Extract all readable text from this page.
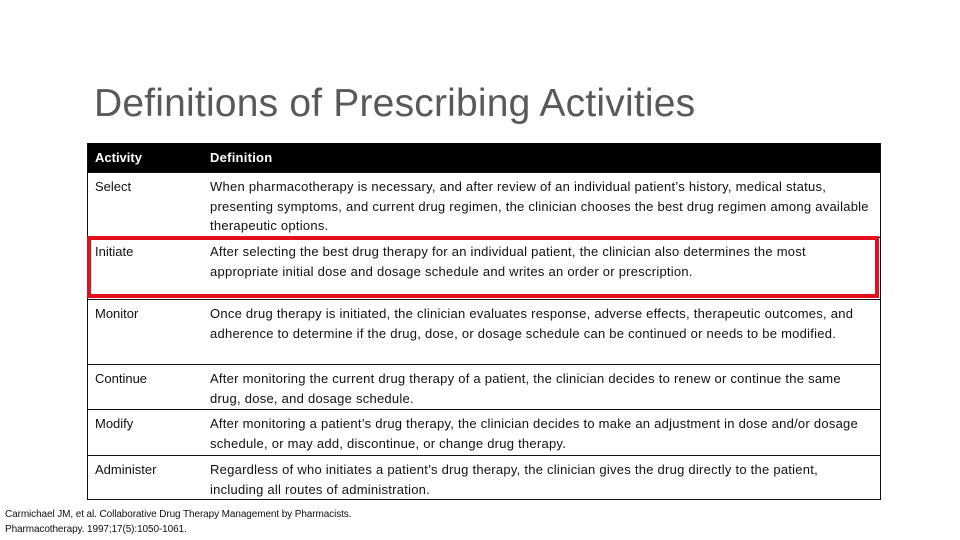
Definitions of Prescribing Activities
Activity	Definition
Select	When pharmacotherapy is necessary, and after review of an individual patient’s history, medical status, presenting symptoms, and current drug regimen, the clinician chooses the best drug regimen among available therapeutic options.
Initiate	After selecting the best drug therapy for an individual patient, the clinician also determines the most appropriate initial dose and dosage schedule and writes an order or prescription.
Monitor	Once drug therapy is initiated, the clinician evaluates response, adverse effects, therapeutic outcomes, and adherence to determine if the drug, dose, or dosage schedule can be continued or needs to be modified.
Continue	After monitoring the current drug therapy of a patient, the clinician decides to renew or continue the same drug, dose, and dosage schedule.
Modify	After monitoring a patient’s drug therapy, the clinician decides to make an adjustment in dose and/or dosage schedule, or may add, discontinue, or change drug therapy.
Administer	Regardless of who initiates a patient’s drug therapy, the clinician gives the drug directly to the patient, including all routes of administration.
Carmichael JM, et al. Collaborative Drug Therapy Management by Pharmacists.
Pharmacotherapy. 1997;17(5):1050-1061.
